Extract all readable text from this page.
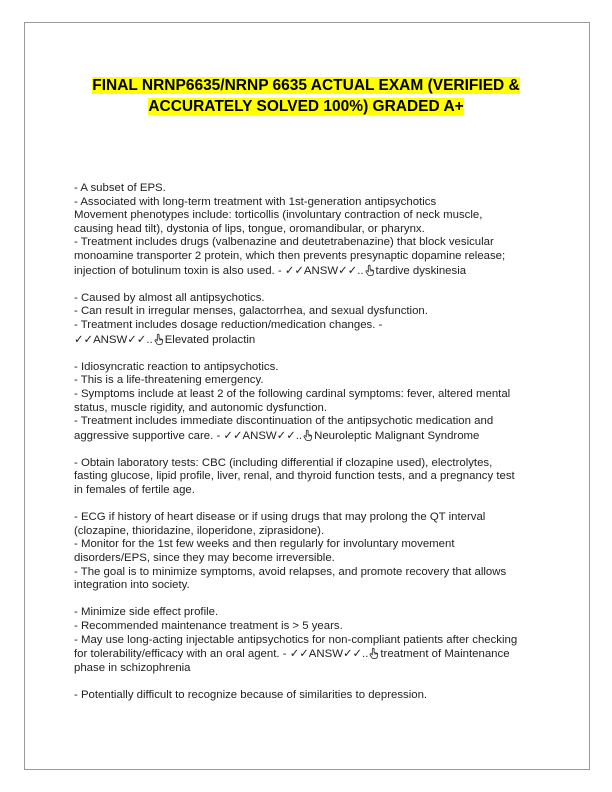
FINAL NRNP6635/NRNP 6635 ACTUAL EXAM (VERIFIED &
ACCURATELY SOLVED 100%) GRADED A+
- A subset of EPS.
- Associated with long-term treatment with 1st-generation antipsychotics
Movement phenotypes include: torticollis (involuntary contraction of neck muscle,
causing head tilt), dystonia of lips, tongue, oromandibular, or pharynx.
- Treatment includes drugs (valbenazine and deutetrabenazine) that block vesicular
monoamine transporter 2 protein, which then prevents presynaptic dopamine release;
injection of botulinum toxin is also used. - ✓✓ANSW✓✓.. tardive dyskinesia
- Caused by almost all antipsychotics.
- Can result in irregular menses, galactorrhea, and sexual dysfunction.
- Treatment includes dosage reduction/medication changes. -
✓✓ANSW✓✓.. Elevated prolactin
- Idiosyncratic reaction to antipsychotics.
- This is a life-threatening emergency.
- Symptoms include at least 2 of the following cardinal symptoms: fever, altered mental
status, muscle rigidity, and autonomic dysfunction.
- Treatment includes immediate discontinuation of the antipsychotic medication and
aggressive supportive care. - ✓✓ANSW✓✓.. Neuroleptic Malignant Syndrome
- Obtain laboratory tests: CBC (including differential if clozapine used), electrolytes,
fasting glucose, lipid profile, liver, renal, and thyroid function tests, and a pregnancy test
in females of fertile age.
- ECG if history of heart disease or if using drugs that may prolong the QT interval
(clozapine, thioridazine, iloperidone, ziprasidone).
- Monitor for the 1st few weeks and then regularly for involuntary movement
disorders/EPS, since they may become irreversible.
- The goal is to minimize symptoms, avoid relapses, and promote recovery that allows
integration into society.
- Minimize side effect profile.
- Recommended maintenance treatment is > 5 years.
- May use long-acting injectable antipsychotics for non-compliant patients after checking
for tolerability/efficacy with an oral agent. - ✓✓ANSW✓✓.. treatment of Maintenance
phase in schizophrenia
- Potentially difficult to recognize because of similarities to depression.
